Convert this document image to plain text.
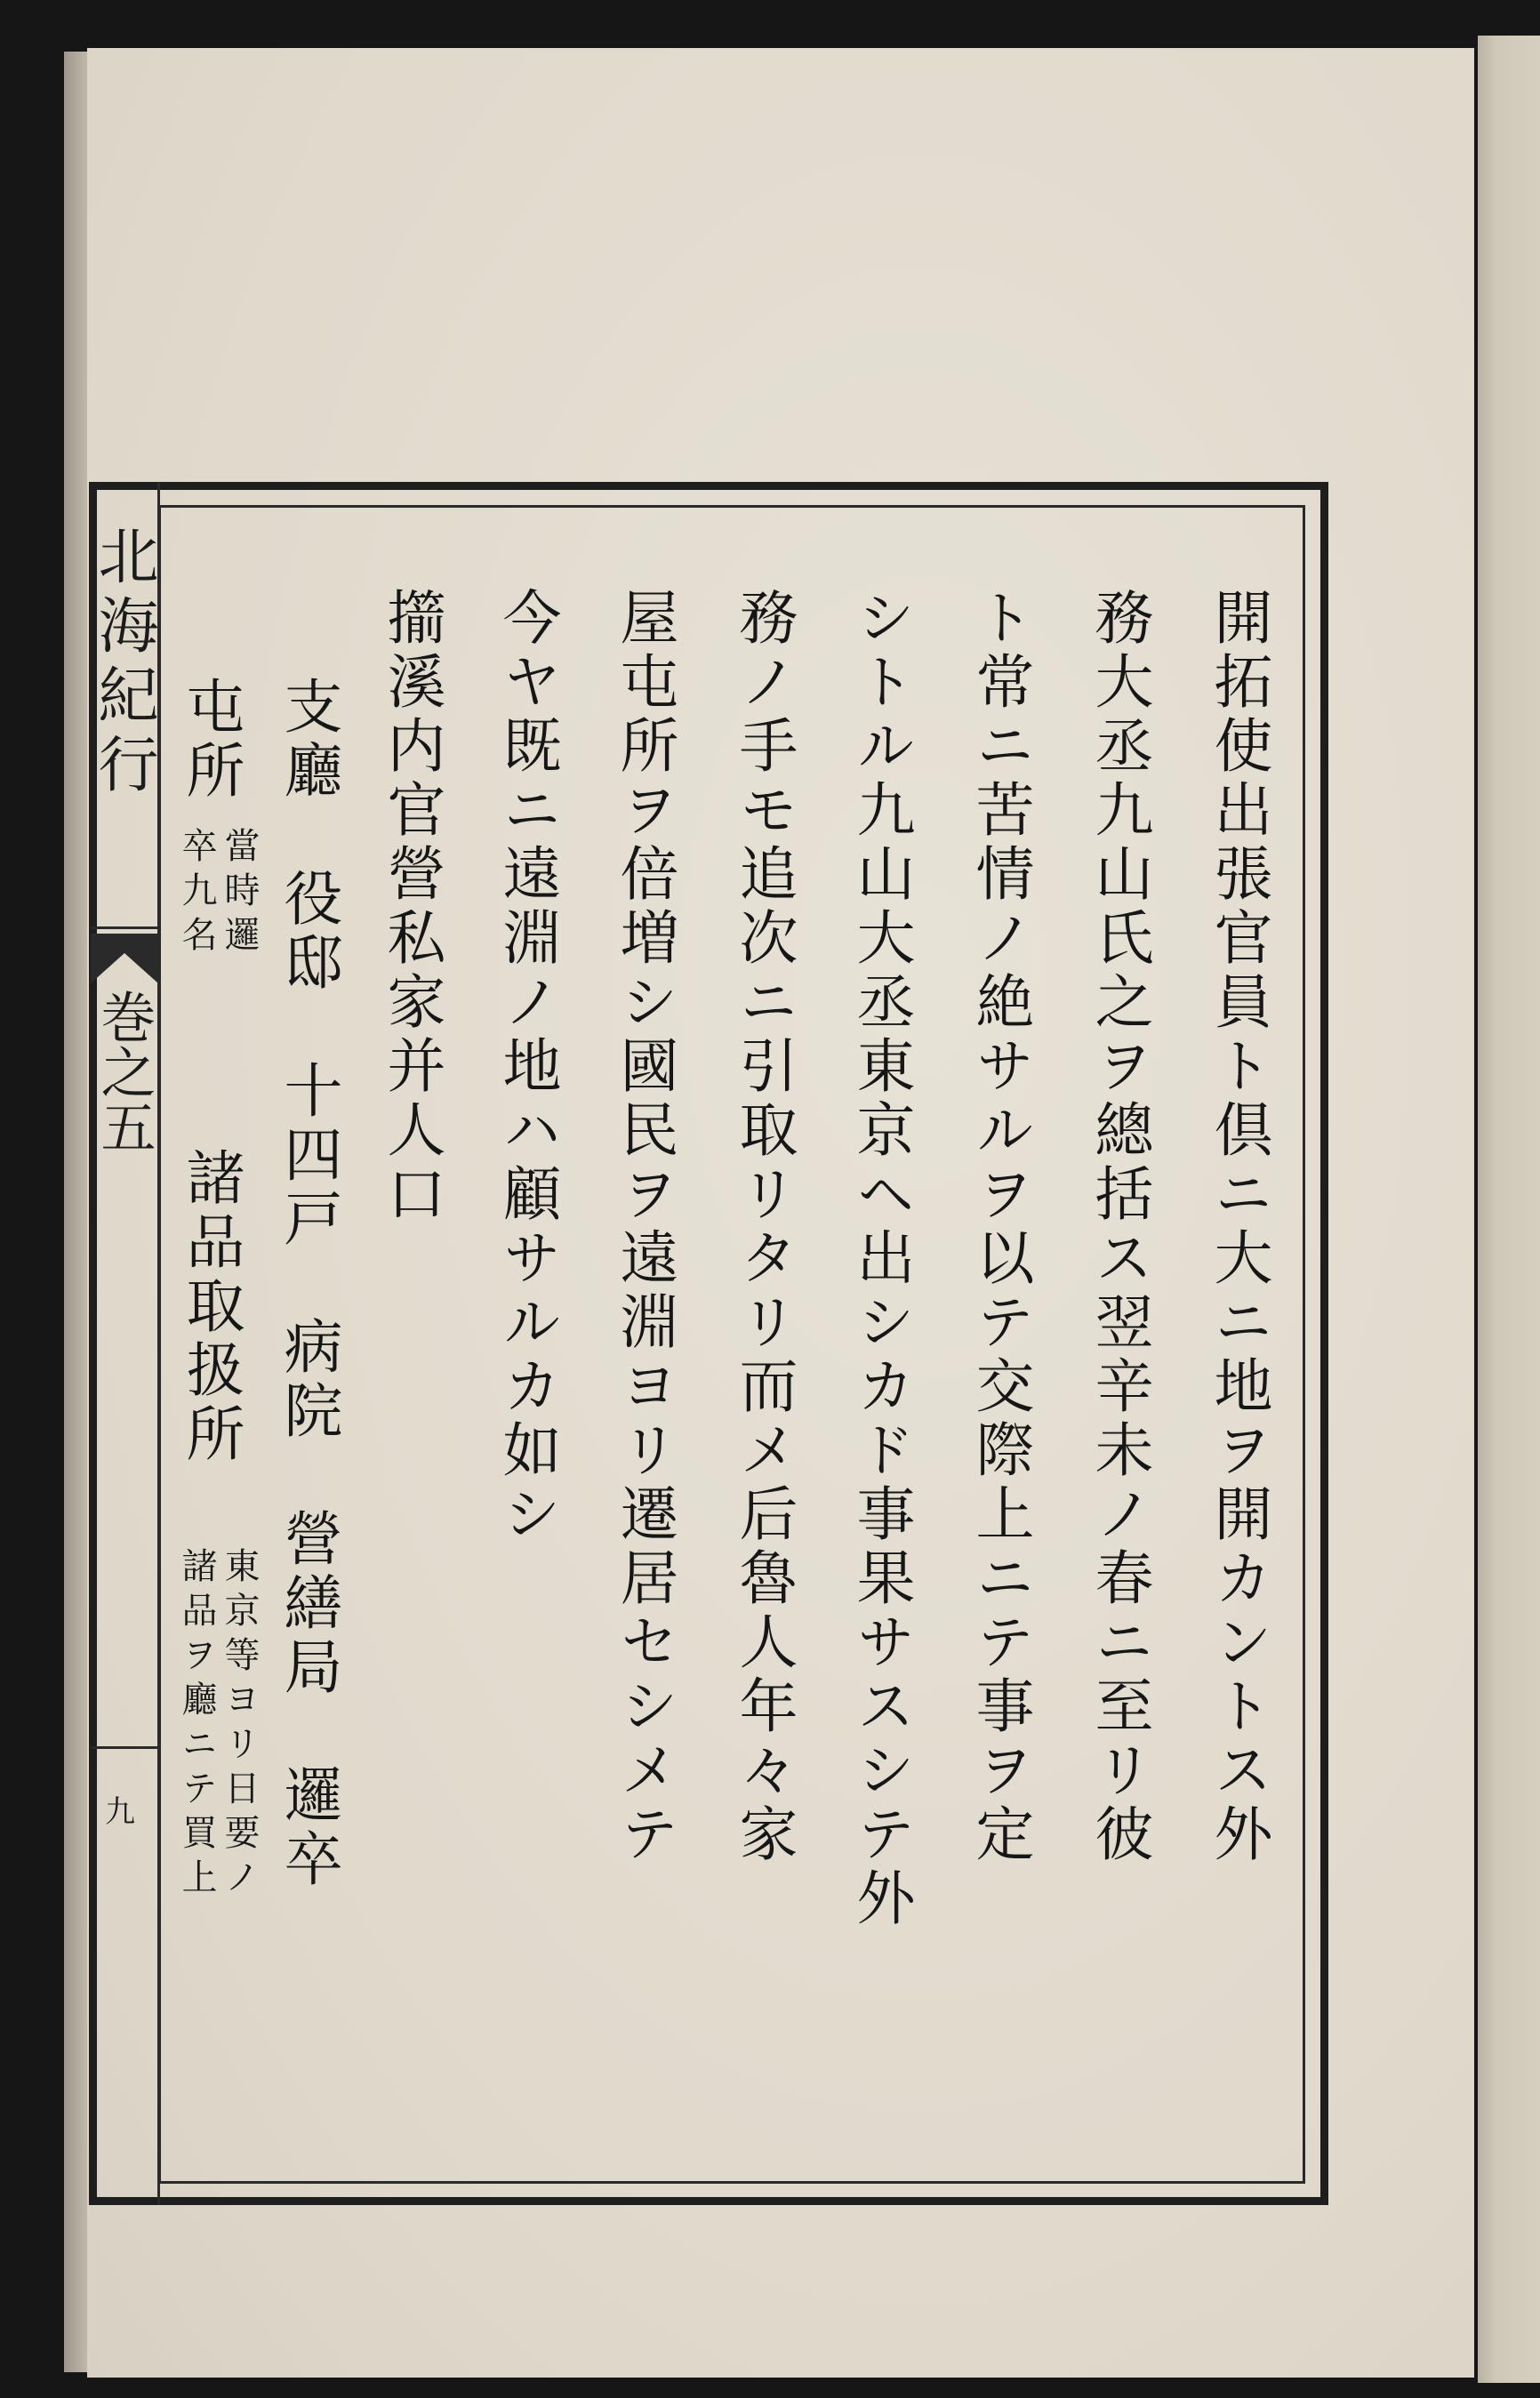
北海紀行
巻之五
九	開拓使出張官員ト倶ニ大ニ地ヲ開カントス外
務大丞九山氏之ヲ總括ス翌辛未ノ春ニ至リ彼
ト常ニ苦情ノ絶サルヲ以テ交際上ニテ事ヲ定
シトル九山大丞東京ヘ出シカド事果サスシテ外
務ノ手モ追次ニ引取リタリ而メ后魯人年々家
屋屯所ヲ倍増シ國民ヲ遠淵ヨリ遷居セシメテ
今ヤ既ニ遠淵ノ地ハ顧サルカ如シ
擶溪内官營私家并人口
支廳　役邸　十四戸　病院　營繕局　邏卒
屯所
當時邏
卒九名
諸品取扱所
東京等ヨリ日要ノ
諸品ヲ廳ニテ買上
